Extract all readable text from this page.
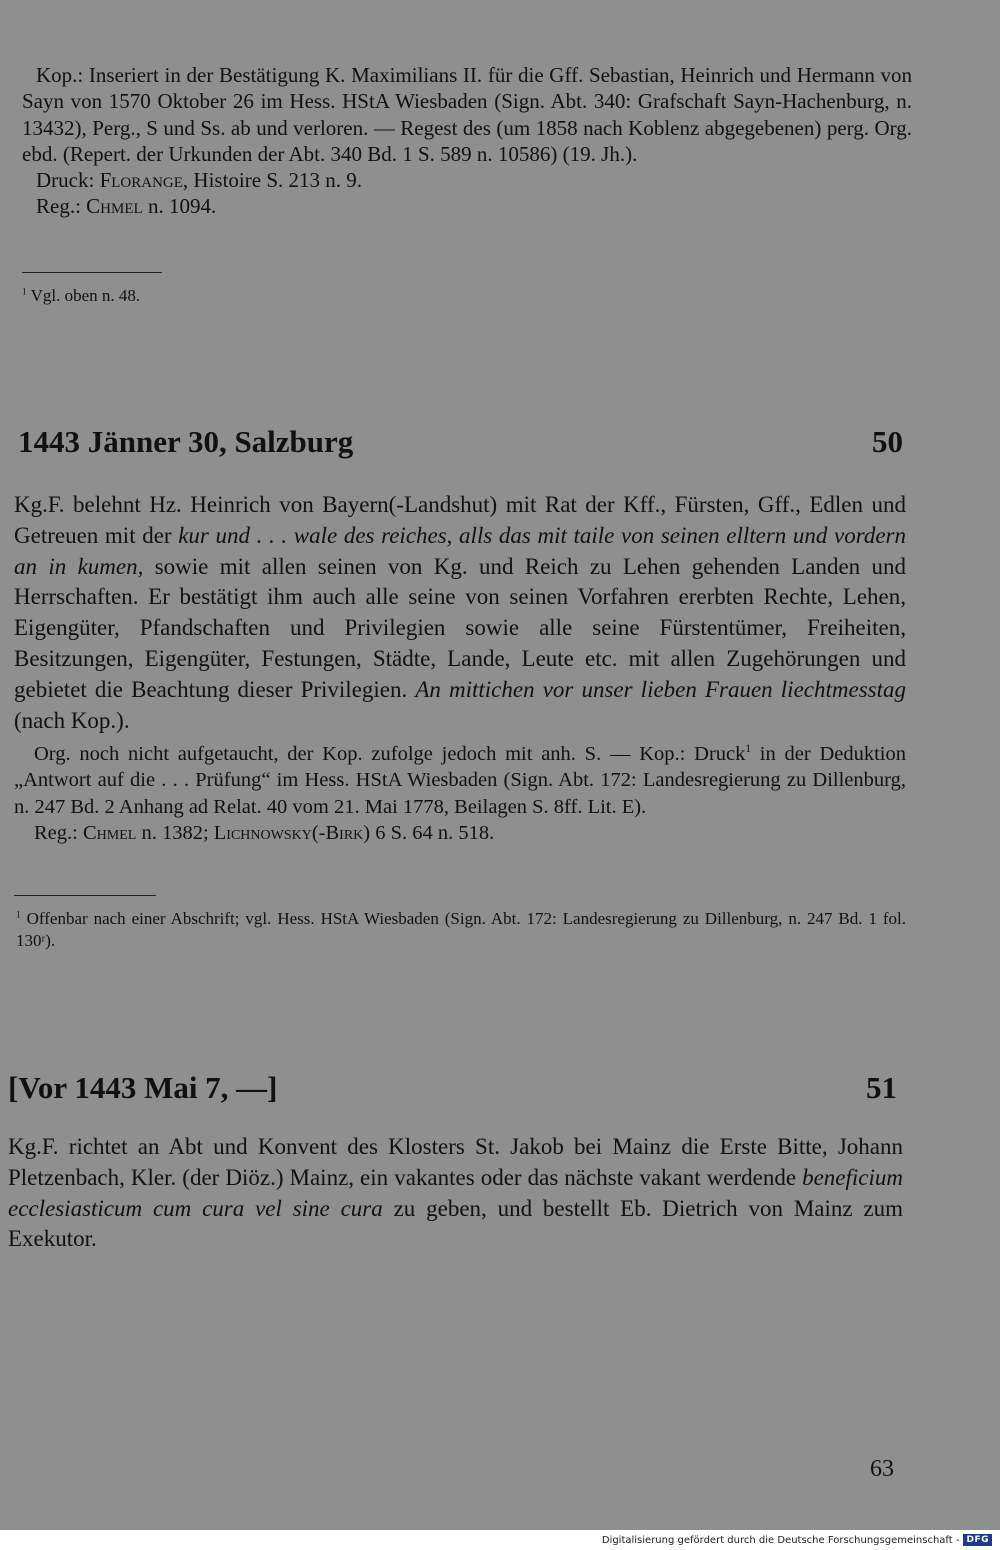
Kop.: Inseriert in der Bestätigung K. Maximilians II. für die Gff. Sebastian, Heinrich und Hermann von Sayn von 1570 Oktober 26 im Hess. HStA Wiesbaden (Sign. Abt. 340: Grafschaft Sayn-Hachenburg, n. 13432), Perg., S und Ss. ab und verloren. — Regest des (um 1858 nach Koblenz abgegebenen) perg. Org. ebd. (Repert. der Urkunden der Abt. 340 Bd. 1 S. 589 n. 10586) (19. Jh.).

Druck: Florange, Histoire S. 213 n. 9.

Reg.: Chmel n. 1094.

$^1$ Vgl. oben n. 48.

1443 Jänner 30, Salzburg	50

Kg.F. belehnt Hz. Heinrich von Bayern(-Landshut) mit Rat der Kff., Fürsten, Gff., Edlen und Getreuen mit der kur und . . . wale des reiches, alls das mit taile von seinen elltern und vordern an in kumen, sowie mit allen seinen von Kg. und Reich zu Lehen gehenden Landen und Herrschaften. Er bestätigt ihm auch alle seine von seinen Vorfahren ererbten Rechte, Lehen, Eigengüter, Pfandschaften und Privilegien sowie alle seine Fürstentümer, Freiheiten, Besitzungen, Eigengüter, Festungen, Städte, Lande, Leute etc. mit allen Zugehörungen und gebietet die Beachtung dieser Privilegien. An mittichen vor unser lieben Frauen liechtmesstag (nach Kop.).

Org. noch nicht aufgetaucht, der Kop. zufolge jedoch mit anh. S. — Kop.: Druck$^1$ in der Deduktion „Antwort auf die . . . Prüfung“ im Hess. HStA Wiesbaden (Sign. Abt. 172: Landesregierung zu Dillenburg, n. 247 Bd. 2 Anhang ad Relat. 40 vom 21. Mai 1778, Beilagen S. 8ff. Lit. E).

Reg.: Chmel n. 1382; Lichnowsky(-Birk) 6 S. 64 n. 518.

$^1$ Offenbar nach einer Abschrift; vgl. Hess. HStA Wiesbaden (Sign. Abt. 172: Landesregierung zu Dillenburg, n. 247 Bd. 1 fol. 130ʳ).

[Vor 1443 Mai 7, —]	51

Kg.F. richtet an Abt und Konvent des Klosters St. Jakob bei Mainz die Erste Bitte, Johann Pletzenbach, Kler. (der Diöz.) Mainz, ein vakantes oder das nächste vakant werdende beneficium ecclesiasticum cum cura vel sine cura zu geben, und bestellt Eb. Dietrich von Mainz zum Exekutor.

63
Digitalisierung gefördert durch die Deutsche Forschungsgemeinschaft - DFG
